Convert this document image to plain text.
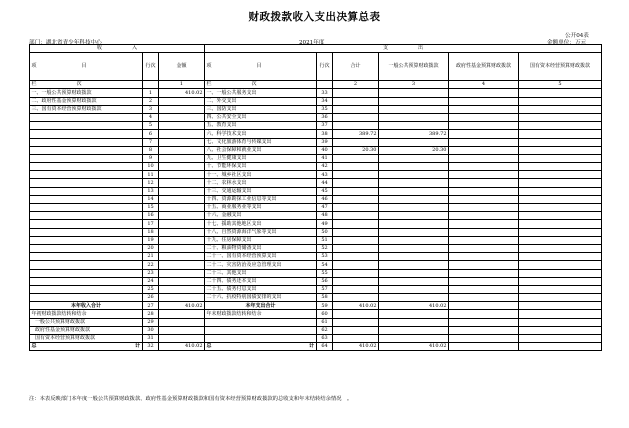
财政拨款收入支出决算总表
公开04表
部门：湖北省青少年科技中心	2021年度	金额单位：万元
收　　　　　　入			支　　　　　　出					
项　　　　　　　　　目	行次	金额	项　　　　　　　　　目	行次	合计	一般公共预算财政拨款	政府性基金预算财政拨款	国有资本经营预算财政拨款
栏　　　　　　　　次		1	栏　　　　　　　　次		2	3	4	5
一、一般公共预算财政拨款	1	410.02	一、一般公共服务支出	33				
二、政府性基金预算财政拨款	2		二、外交支出	34				
三、国有资本经营预算财政拨款	3		三、国防支出	35				
	4		四、公共安全支出	36				
	5		五、教育支出	37				
	6		六、科学技术支出	38	389.72	389.72		
	7		七、文化旅游体育与传媒支出	39				
	8		八、社会保障和就业支出	40	20.30	20.30		
	9		九、卫生健康支出	41				
	10		十、节能环保支出	42				
	11		十一、城乡社区支出	43				
	12		十二、农林水支出	44				
	13		十三、交通运输支出	45				
	14		十四、资源勘探工业信息等支出	46				
	15		十五、商业服务业等支出	47				
	16		十六、金融支出	48				
	17		十七、援助其他地区支出	49				
	18		十八、自然资源海洋气象等支出	50				
	19		十九、住房保障支出	51				
	20		二十、粮油物资储备支出	52				
	21		二十一、国有资本经营预算支出	53				
	22		二十二、灾害防治及应急管理支出	54				
	23		二十三、其他支出	55				
	24		二十四、债务还本支出	56				
	25		二十五、债务付息支出	57				
	26		二十六、抗疫特别国债安排的支出	58				
本年收入合计	27	410.02	本年支出合计	59	410.02	410.02		
年初财政拨款结转和结余	28		年末财政拨款结转和结余	60				
一般公共预算财政拨款	29			61				
政府性基金预算财政拨款	30			62				
国有资本经营预算财政拨款	31			63				
总 计	32	410.02	总 计	64	410.02	410.02		
注：本表反映部门本年度一般公共预算财政拨款、政府性基金预算财政拨款和国有资本经营预算财政拨款的总收支和年末结转结余情况　。
